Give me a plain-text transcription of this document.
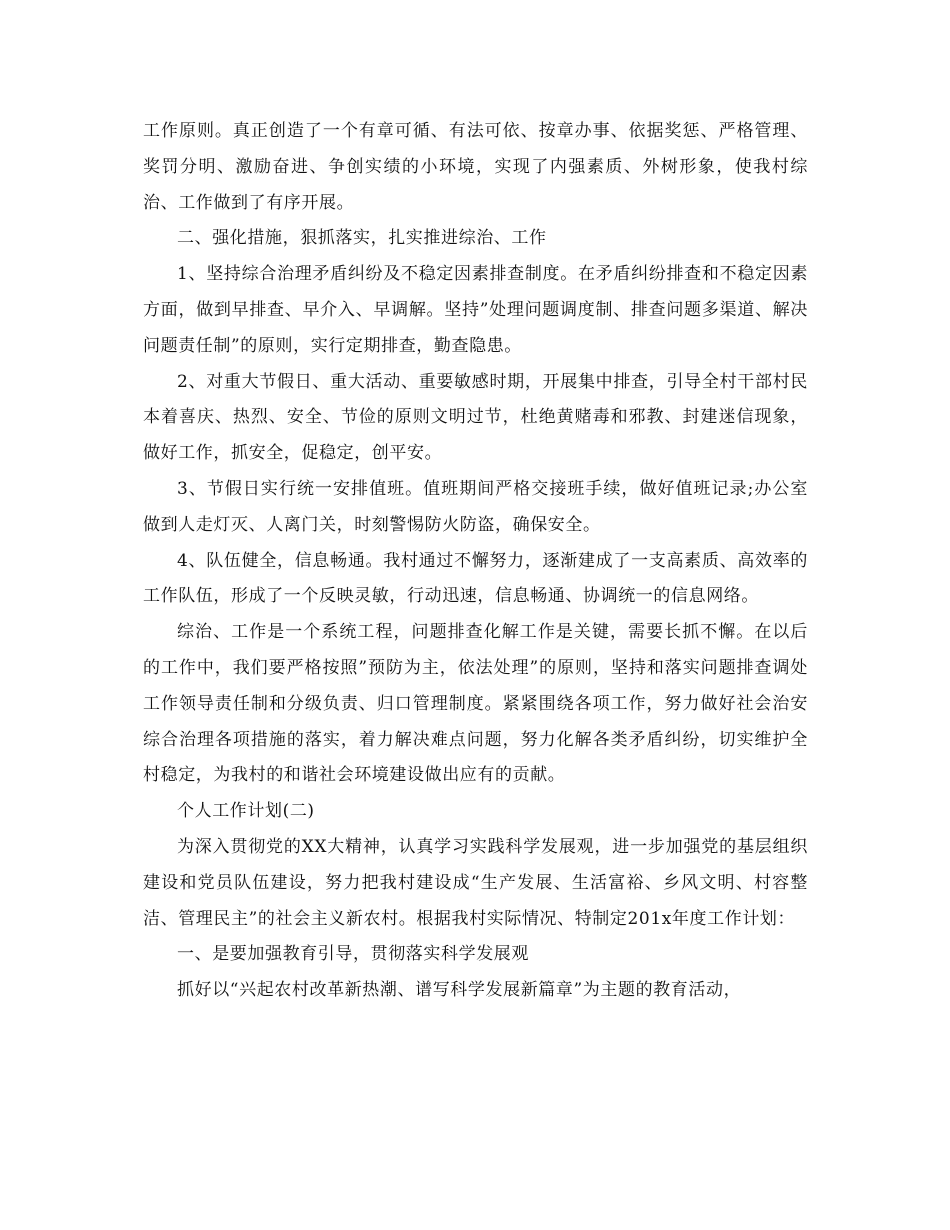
工作原则。真正创造了一个有章可循、有法可依、按章办事、依据奖惩、严格管理、奖罚分明、激励奋进、争创实绩的小环境，实现了内强素质、外树形象，使我村综治、工作做到了有序开展。

二、强化措施，狠抓落实，扎实推进综治、工作

1、坚持综合治理矛盾纠纷及不稳定因素排查制度。在矛盾纠纷排查和不稳定因素方面，做到早排查、早介入、早调解。坚持”处理问题调度制、排查问题多渠道、解决问题责任制”的原则，实行定期排查，勤查隐患。

2、对重大节假日、重大活动、重要敏感时期，开展集中排查，引导全村干部村民本着喜庆、热烈、安全、节俭的原则文明过节，杜绝黄赌毒和邪教、封建迷信现象，做好工作，抓安全，促稳定，创平安。

3、节假日实行统一安排值班。值班期间严格交接班手续，做好值班记录;办公室做到人走灯灭、人离门关，时刻警惕防火防盗，确保安全。

4、队伍健全，信息畅通。我村通过不懈努力，逐渐建成了一支高素质、高效率的工作队伍，形成了一个反映灵敏，行动迅速，信息畅通、协调统一的信息网络。

综治、工作是一个系统工程，问题排查化解工作是关键，需要长抓不懈。在以后的工作中，我们要严格按照”预防为主，依法处理”的原则，坚持和落实问题排查调处工作领导责任制和分级负责、归口管理制度。紧紧围绕各项工作，努力做好社会治安综合治理各项措施的落实，着力解决难点问题，努力化解各类矛盾纠纷，切实维护全村稳定，为我村的和谐社会环境建设做出应有的贡献。

个人工作计划(二)

为深入贯彻党的XX大精神，认真学习实践科学发展观，进一步加强党的基层组织建设和党员队伍建设，努力把我村建设成“生产发展、生活富裕、乡风文明、村容整洁、管理民主”的社会主义新农村。根据我村实际情况、特制定201x年度工作计划：

一、是要加强教育引导，贯彻落实科学发展观

抓好以“兴起农村改革新热潮、谱写科学发展新篇章”为主题的教育活动，
